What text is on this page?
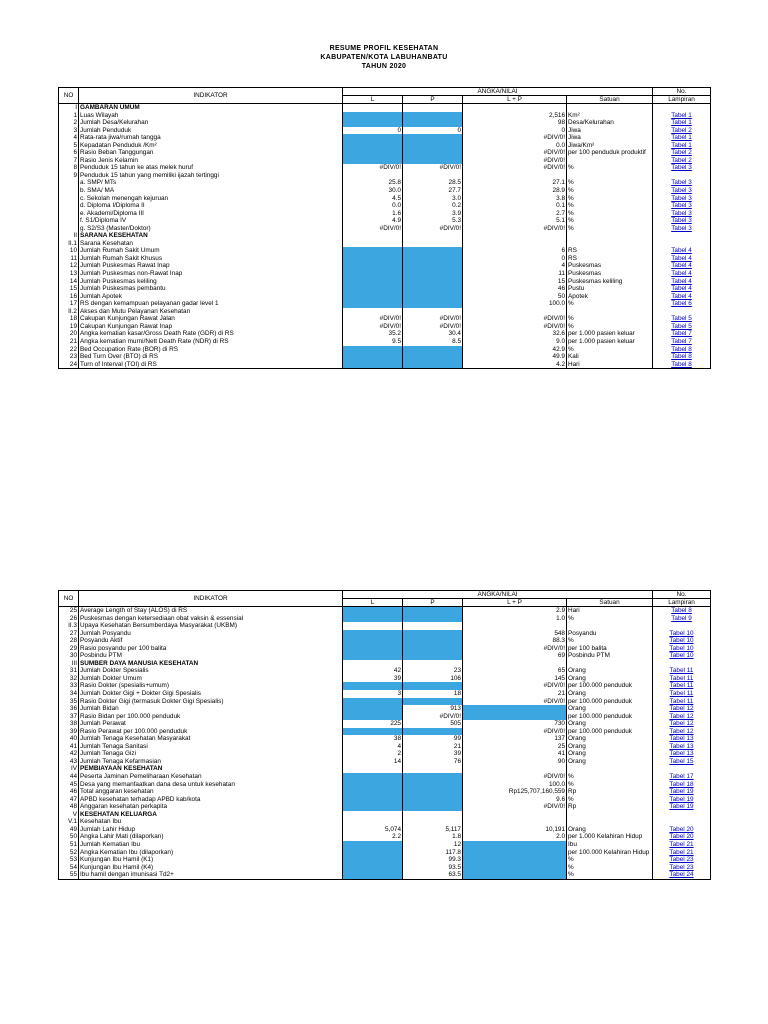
RESUME PROFIL KESEHATAN
KABUPATEN/KOTA LABUHANBATU
TAHUN 2020
NO	INDIKATOR	ANGKA/NILAI				No.
		L	P	L + P	Satuan	Lampiran
I	GAMBARAN UMUM					
1	Luas Wilayah			2,516	Km²	Tabel 1
2	Jumlah Desa/Kelurahan			98	Desa/Kelurahan	Tabel 1
3	Jumlah Penduduk	0	0	0	Jiwa	Tabel 2
4	Rata-rata jiwa/rumah tangga			#DIV/0!	Jiwa	Tabel 1
5	Kepadatan Penduduk /Km²			0.0	Jiwa/Km²	Tabel 1
6	Rasio Beban Tanggungan			#DIV/0!	per 100 penduduk produktif	Tabel 2
7	Rasio Jenis Kelamin			#DIV/0!		Tabel 2
8	Penduduk 15 tahun ke atas melek huruf	#DIV/0!	#DIV/0!	#DIV/0!	%	Tabel 3
9	Penduduk 15 tahun yang memiliki ijazah tertinggi					
	a. SMP/ MTs	25.8	28.5	27.1	%	Tabel 3
	b. SMA/ MA	30.0	27.7	28.9	%	Tabel 3
	c. Sekolah menengah kejuruan	4.5	3.0	3.8	%	Tabel 3
	d. Diploma I/Diploma II	0.0	0.2	0.1	%	Tabel 3
	e. Akademi/Diploma III	1.6	3.9	2.7	%	Tabel 3
	f. S1/Diploma IV	4.9	5.3	5.1	%	Tabel 3
	g. S2/S3 (Master/Doktor)	#DIV/0!	#DIV/0!	#DIV/0!	%	Tabel 3

II	SARANA KESEHATAN					
II.1	Sarana Kesehatan					
10	Jumlah Rumah Sakit Umum			6	RS	Tabel 4
11	Jumlah Rumah Sakit Khusus			0	RS	Tabel 4
12	Jumlah Puskesmas Rawat Inap			4	Puskesmas	Tabel 4
13	Jumlah Puskesmas non-Rawat Inap			11	Puskesmas	Tabel 4
14	Jumlah Puskesmas keliling			15	Puskesmas keliling	Tabel 4
15	Jumlah Puskesmas pembantu			46	Pustu	Tabel 4
16	Jumlah Apotek			50	Apotek	Tabel 4
17	RS dengan kemampuan pelayanan gadar level 1			100.0	%	Tabel 6

II.2	Akses dan Mutu Pelayanan Kesehatan					
18	Cakupan Kunjungan Rawat Jalan	#DIV/0!	#DIV/0!	#DIV/0!	%	Tabel 5
19	Cakupan Kunjungan Rawat Inap	#DIV/0!	#DIV/0!	#DIV/0!	%	Tabel 5
20	Angka kematian kasar/Gross Death Rate (GDR) di RS	35.2	30.4	32.6	per 1.000 pasien keluar	Tabel 7
21	Angka kematian murni/Nett Death Rate (NDR) di RS	9.5	8.5	9.0	per 1.000 pasien keluar	Tabel 7
22	Bed Occupation Rate (BOR) di RS			42.9	%	Tabel 8
23	Bed Turn Over (BTO) di RS			49.9	Kali	Tabel 8
24	Turn of Interval (TOI) di RS			4.2	Hari	Tabel 8
NO	INDIKATOR	ANGKA/NILAI				No.
		L	P	L + P	Satuan	Lampiran
25	Average Length of Stay (ALOS) di RS			2.9	Hari	Tabel 8
26	Puskesmas dengan ketersediaan obat vaksin & essensial			1.0	%	Tabel 9

II.3	Upaya Kesehatan Bersumberdaya Masyarakat (UKBM)					
27	Jumlah Posyandu			548	Posyandu	Tabel 10
28	Posyandu Aktif			88.3	%	Tabel 10
29	Rasio posyandu per 100 balita			#DIV/0!	per 100 balita	Tabel 10
30	Posbindu PTM			69	Posbindu PTM	Tabel 10

III	SUMBER DAYA MANUSIA KESEHATAN					
31	Jumlah Dokter Spesialis	42	23	65	Orang	Tabel 11
32	Jumlah Dokter Umum	39	106	145	Orang	Tabel 11
33	Rasio Dokter (spesialis+umum)			#DIV/0!	per 100.000 penduduk	Tabel 11
34	Jumlah Dokter Gigi + Dokter Gigi Spesialis	3	18	21	Orang	Tabel 11
35	Rasio Dokter Gigi (termasuk Dokter Gigi Spesialis)			#DIV/0!	per 100.000 penduduk	Tabel 11
36	Jumlah Bidan		913		Orang	Tabel 12
37	Rasio Bidan per 100.000 penduduk		#DIV/0!		per 100.000 penduduk	Tabel 12
38	Jumlah Perawat	225	505	730	Orang	Tabel 12
39	Rasio Perawat per 100.000 penduduk			#DIV/0!	per 100.000 penduduk	Tabel 12
40	Jumlah Tenaga Kesehatan Masyarakat	38	99	137	Orang	Tabel 13
41	Jumlah Tenaga Sanitasi	4	21	25	Orang	Tabel 13
42	Jumlah Tenaga Gizi	2	39	41	Orang	Tabel 13
43	Jumlah Tenaga Kefarmasian	14	76	90	Orang	Tabel 15

IV	PEMBIAYAAN KESEHATAN					
44	Peserta Jaminan Pemeliharaan Kesehatan			#DIV/0!	%	Tabel 17
45	Desa yang memanfaatkan dana desa untuk kesehatan			100.0	%	Tabel 18
46	Total anggaran kesehatan			Rp125,707,160,559	Rp	Tabel 19
47	APBD kesehatan terhadap APBD kab/kota			9.6	%	Tabel 19
48	Anggaran kesehatan perkapita			#DIV/0!	Rp	Tabel 19

V	KESEHATAN KELUARGA					
V.1	Kesehatan Ibu					
49	Jumlah Lahir Hidup	5,074	5,117	10,191	Orang	Tabel 20
50	Angka Lahir Mati (dilaporkan)	2.2	1.8	2.0	per 1.000 Kelahiran Hidup	Tabel 20
51	Jumlah Kematian Ibu		12		Ibu	Tabel 21
52	Angka Kematian Ibu (dilaporkan)		117.8		per 100.000 Kelahiran Hidup	Tabel 21
53	Kunjungan Ibu Hamil (K1)		99.3		%	Tabel 23
54	Kunjungan Ibu Hamil (K4)		93.5		%	Tabel 23
55	Ibu hamil dengan imunisasi Td2+		63.5		%	Tabel 24
